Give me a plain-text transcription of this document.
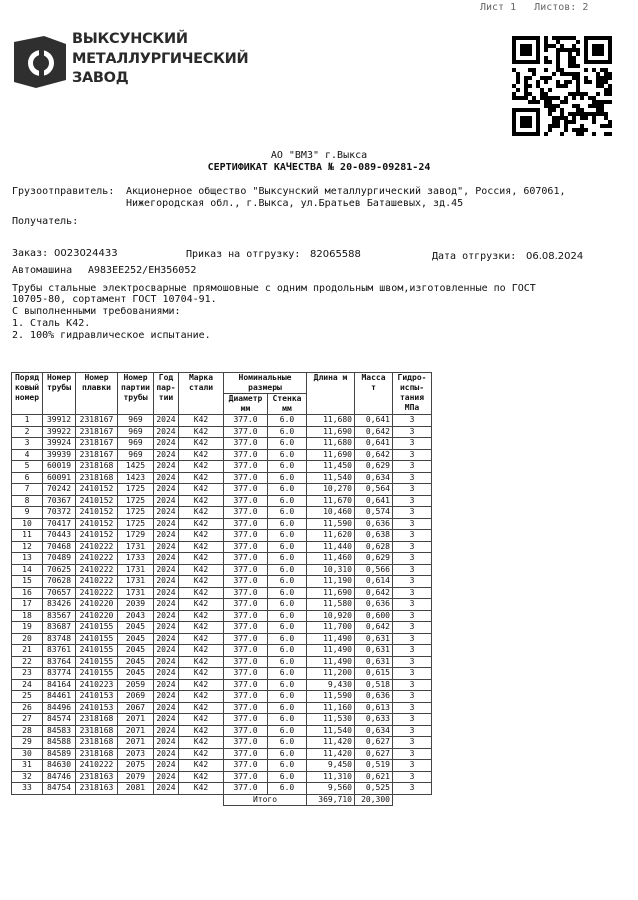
Лист 1   Листов: 2
ВЫКСУНСКИЙ
МЕТАЛЛУРГИЧЕСКИЙ
ЗАВОД
АО "ВМЗ" г.Выкса
СЕРТИФИКАТ КАЧЕСТВА № 20-089-09281-24
Грузоотправитель: Акционерное общество "Выксунский металлургический завод", Россия, 607061,
Нижегородская обл., г.Выкса, ул.Братьев Баташевых, зд.45
Получатель:
Заказ: 0023024433	Приказ на отгрузку: 82065588	Дата отгрузки: 06.08.2024
Автомашина А983ЕЕ252/ЕН356052
Трубы стальные электросварные прямошовные с одним продольным швом,изготовленные по ГОСТ
10705-80, сортамент ГОСТ 10704-91.
С выполненными требованиями:
1. Сталь К42.
2. 100% гидравлическое испытание.
Поряд ковый номер	Номер трубы	Номер плавки	Номер партии трубы	Год пар- тии	Марка стали	Номинальные размеры		Длина м	Масса т	Гидро- испы- тания МПа
						Диаметр мм	Стенка мм			
1	39912	2318167	969	2024	К42	377.0	6.0	11,680	0,641	3
2	39922	2318167	969	2024	К42	377.0	6.0	11,690	0,642	3
3	39924	2318167	969	2024	К42	377.0	6.0	11,680	0,641	3
4	39939	2318167	969	2024	К42	377.0	6.0	11,690	0,642	3
5	60019	2318168	1425	2024	К42	377.0	6.0	11,450	0,629	3
6	60091	2318168	1423	2024	К42	377.0	6.0	11,540	0,634	3
7	70242	2410152	1725	2024	К42	377.0	6.0	10,270	0,564	3
8	70367	2410152	1725	2024	К42	377.0	6.0	11,670	0,641	3
9	70372	2410152	1725	2024	К42	377.0	6.0	10,460	0,574	3
10	70417	2410152	1725	2024	К42	377.0	6.0	11,590	0,636	3
11	70443	2410152	1729	2024	К42	377.0	6.0	11,620	0,638	3
12	70468	2410222	1731	2024	К42	377.0	6.0	11,440	0,628	3
13	70489	2410222	1733	2024	К42	377.0	6.0	11,460	0,629	3
14	70625	2410222	1731	2024	К42	377.0	6.0	10,310	0,566	3
15	70628	2410222	1731	2024	К42	377.0	6.0	11,190	0,614	3
16	70657	2410222	1731	2024	К42	377.0	6.0	11,690	0,642	3
17	83426	2410220	2039	2024	К42	377.0	6.0	11,580	0,636	3
18	83567	2410220	2043	2024	К42	377.0	6.0	10,920	0,600	3
19	83687	2410155	2045	2024	К42	377.0	6.0	11,700	0,642	3
20	83748	2410155	2045	2024	К42	377.0	6.0	11,490	0,631	3
21	83761	2410155	2045	2024	К42	377.0	6.0	11,490	0,631	3
22	83764	2410155	2045	2024	К42	377.0	6.0	11,490	0,631	3
23	83774	2410155	2045	2024	К42	377.0	6.0	11,200	0,615	3
24	84164	2410223	2059	2024	К42	377.0	6.0	9,430	0,518	3
25	84461	2410153	2069	2024	К42	377.0	6.0	11,590	0,636	3
26	84496	2410153	2067	2024	К42	377.0	6.0	11,160	0,613	3
27	84574	2318168	2071	2024	К42	377.0	6.0	11,530	0,633	3
28	84583	2318168	2071	2024	К42	377.0	6.0	11,540	0,634	3
29	84588	2318168	2071	2024	К42	377.0	6.0	11,420	0,627	3
30	84589	2318168	2073	2024	К42	377.0	6.0	11,420	0,627	3
31	84630	2410222	2075	2024	К42	377.0	6.0	9,450	0,519	3
32	84746	2318163	2079	2024	К42	377.0	6.0	11,310	0,621	3
33	84754	2318163	2081	2024	К42	377.0	6.0	9,560	0,525	3
						Итого		369,710	20,300	
